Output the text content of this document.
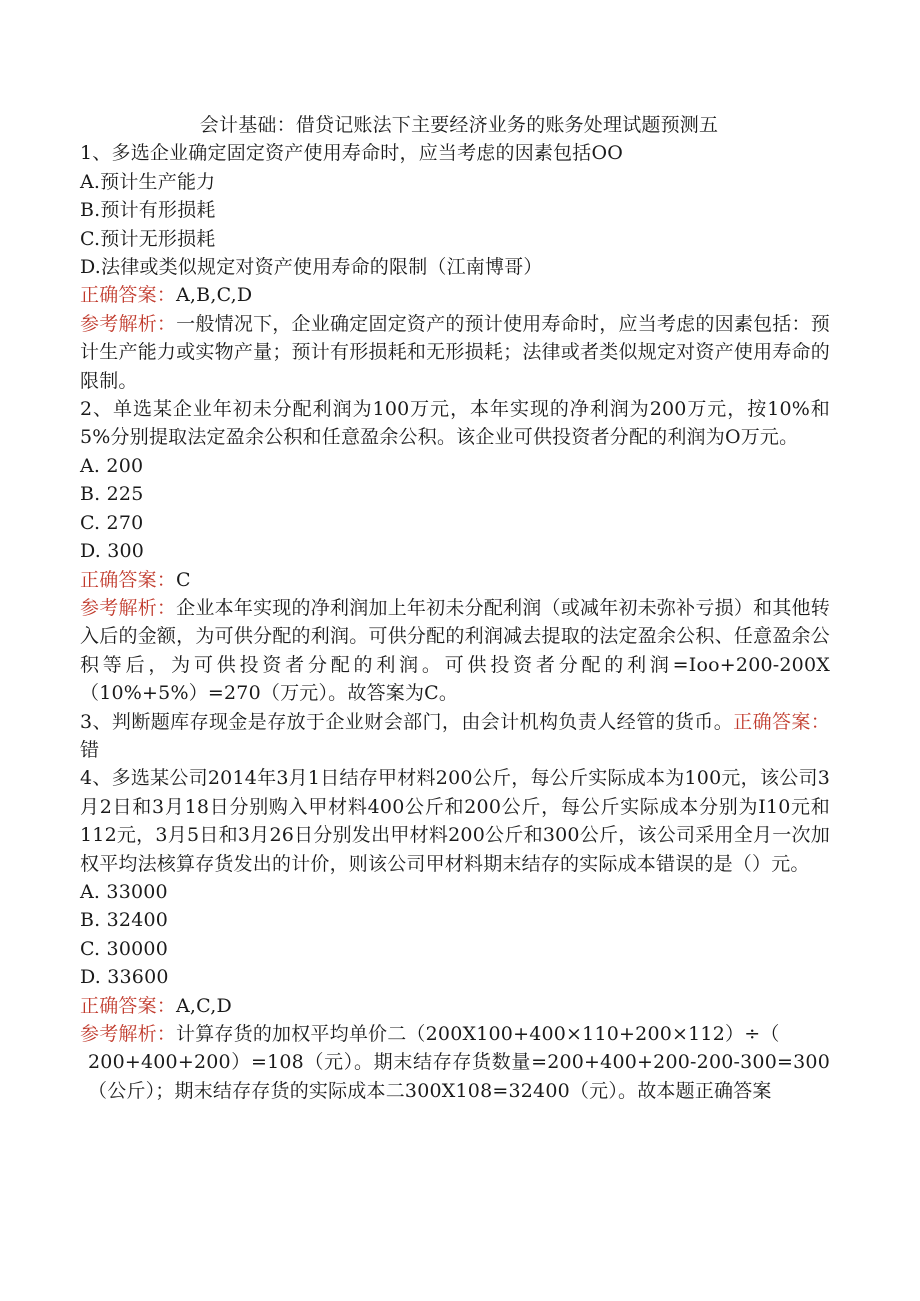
会计基础：借贷记账法下主要经济业务的账务处理试题预测五
1、多选企业确定固定资产使用寿命时，应当考虑的因素包括OO
A.预计生产能力
B.预计有形损耗
C.预计无形损耗
D.法律或类似规定对资产使用寿命的限制（江南博哥）
正确答案：A,B,C,D
参考解析：一般情况下，企业确定固定资产的预计使用寿命时，应当考虑的因素包括：预计生产能力或实物产量；预计有形损耗和无形损耗；法律或者类似规定对资产使用寿命的限制。
2、单选某企业年初未分配利润为100万元，本年实现的净利润为200万元，按10%和5%分别提取法定盈余公积和任意盈余公积。该企业可供投资者分配的利润为O万元。
A. 200
B. 225
C. 270
D. 300
正确答案：C
参考解析：企业本年实现的净利润加上年初未分配利润（或减年初未弥补亏损）和其他转入后的金额，为可供分配的利润。可供分配的利润减去提取的法定盈余公积、任意盈余公积等后，为可供投资者分配的利润。可供投资者分配的利润=Ioo+200-200X（10%+5%）=270（万元）。故答案为C。
3、判断题库存现金是存放于企业财会部门，由会计机构负责人经管的货币。正确答案：错
4、多选某公司2014年3月1日结存甲材料200公斤，每公斤实际成本为100元，该公司3月2日和3月18日分别购入甲材料400公斤和200公斤，每公斤实际成本分别为I10元和112元，3月5日和3月26日分别发出甲材料200公斤和300公斤，该公司采用全月一次加权平均法核算存货发出的计价，则该公司甲材料期末结存的实际成本错误的是（）元。
A. 33000
B. 32400
C. 30000
D. 33600
正确答案：A,C,D
参考解析：计算存货的加权平均单价二（200X100+400×110+200×112）÷（
200+400+200）=108（元）。期末结存存货数量=200+400+200-200-300=300（公斤）；期末结存存货的实际成本二300X108=32400（元）。故本题正确答案
